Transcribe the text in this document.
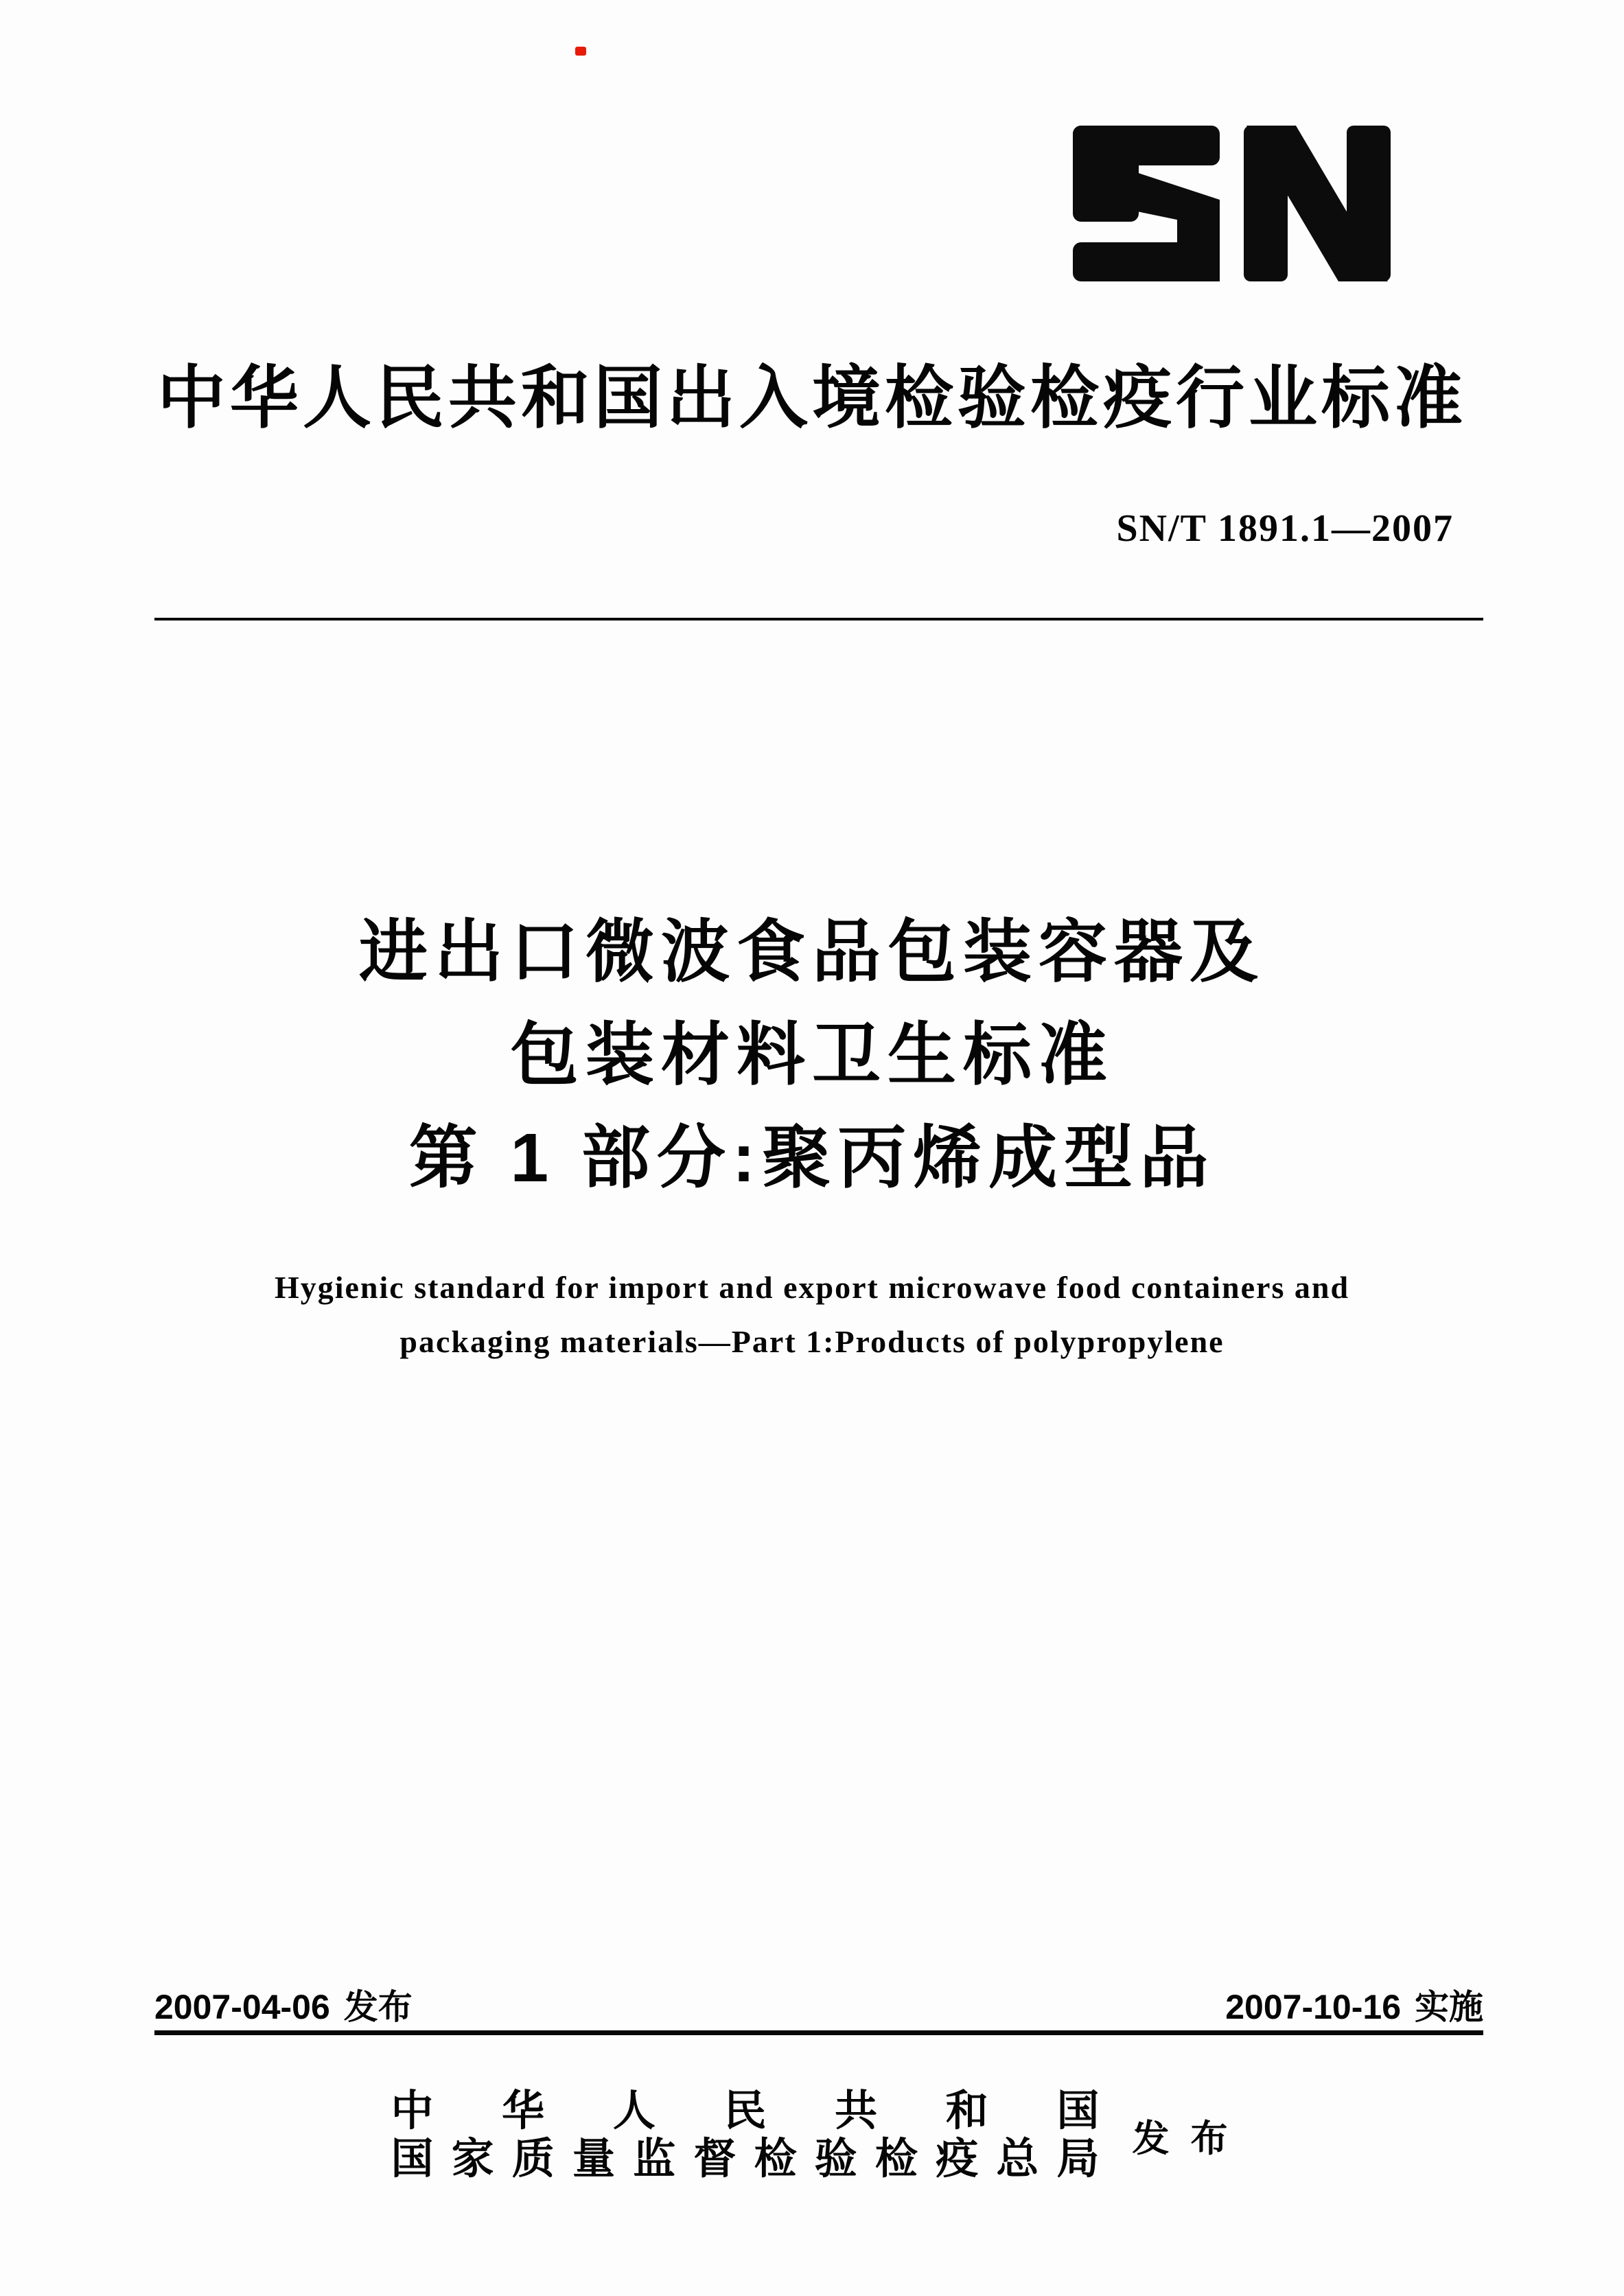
中华人民共和国出入境检验检疫行业标准
SN/T 1891.1—2007
进出口微波食品包装容器及
包装材料卫生标准
第 1 部分:聚丙烯成型品
Hygienic standard for import and export microwave food containers and
packaging materials—Part 1:Products of polypropylene
2007-04-06 发布	2007-10-16 实施
中华人民共和国
国家质量监督检验检疫总局 发 布
